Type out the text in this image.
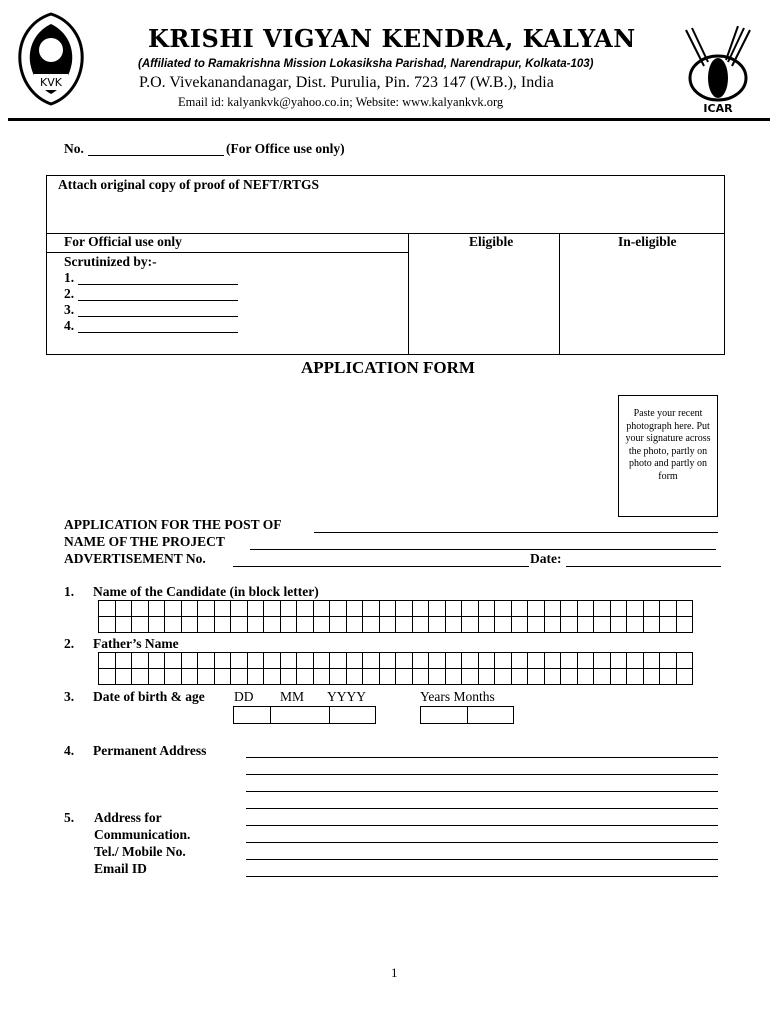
KVK
ICAR
KRISHI VIGYAN KENDRA, KALYAN
(Affiliated to Ramakrishna Mission Lokasiksha Parishad, Narendrapur, Kolkata-103)
P.O. Vivekanandanagar, Dist. Purulia, Pin. 723 147 (W.B.), India
Email id: kalyankvk@yahoo.co.in; Website: www.kalyankvk.org
No.	(For Office use only)
Attach original copy of proof of NEFT/RTGS
For Official use only	Eligible	In-eligible
Scrutinized by:-
1.
2.
3.
4.
APPLICATION FORM
Paste your recent photograph here. Put your signature across the photo, partly on photo and partly on form
APPLICATION FOR THE POST OF
NAME OF THE PROJECT
ADVERTISEMENT No.	Date:
1. Name of the Candidate (in block letter)

2. Father’s Name

3. Date of birth & age DD MM YYYY	Years Months
4. Permanent Address
5. Address for
Communication.
Tel./ Mobile No.
Email ID
1
